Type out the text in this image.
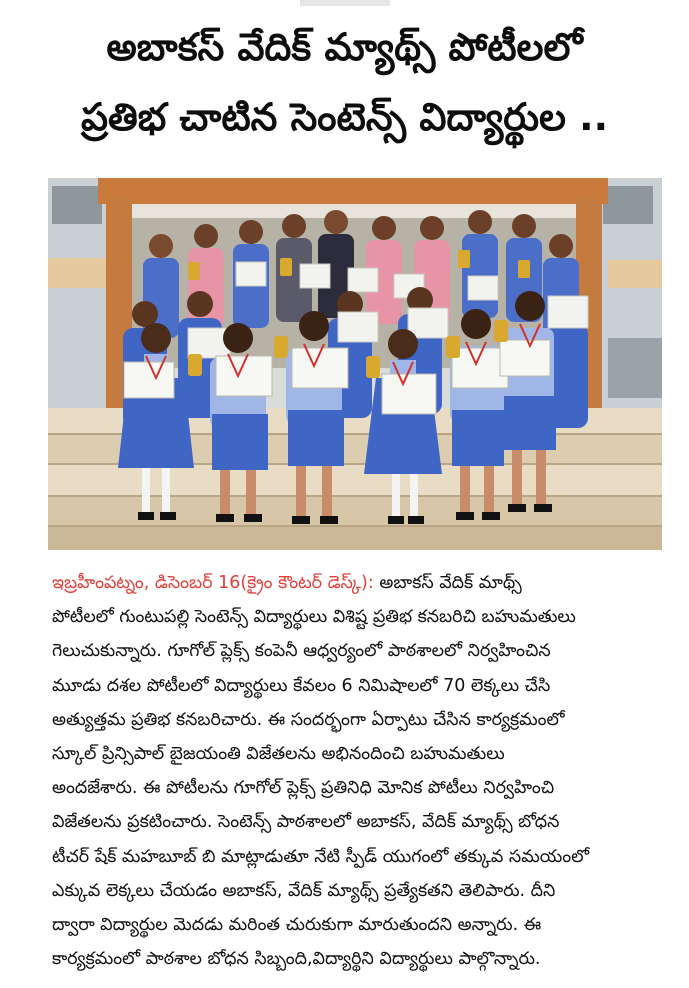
అబాకస్ వేదిక్ మ్యాథ్స్ పోటీలలో
ప్రతిభ చాటిన సెంటెన్స్ విద్యార్థుల ..
ఇబ్రహీంపట్నం, డిసెంబర్ 16(క్రైం కౌంటర్ డెస్క్): అబాకస్ వేదిక్ మాథ్స్
పోటీలలో గుంటుపల్లి సెంటెన్స్ విద్యార్థులు విశిష్ట ప్రతిభ కనబరిచి బహుమతులు
గెలుచుకున్నారు. గూగోల్ ప్లెక్స్ కంపెనీ ఆధ్వర్యంలో పాఠశాలలో నిర్వహించిన
మూడు దశల పోటీలలో విద్యార్థులు కేవలం 6 నిమిషాలలో 70 లెక్కలు చేసి
అత్యుత్తమ ప్రతిభ కనబరిచారు. ఈ సందర్భంగా ఏర్పాటు చేసిన కార్యక్రమంలో
స్కూల్ ప్రిన్సిపాల్ బైజయంతి విజేతలను అభినందించి బహుమతులు
అందజేశారు. ఈ పోటీలను గూగోల్ ప్లెక్స్ ప్రతినిధి మోనిక పోటీలు నిర్వహించి
విజేతలను ప్రకటించారు. సెంటెన్స్ పాఠశాలలో అబాకస్, వేదిక్ మ్యాథ్స్ బోధన
టీచర్ షేక్ మహబూబ్ బి మాట్లాడుతూ నేటి స్పీడ్ యుగంలో తక్కువ సమయంలో
ఎక్కువ లెక్కలు చేయడం అబాకస్, వేదిక్ మ్యాథ్స్ ప్రత్యేకతని తెలిపారు. దీని
ద్వారా విద్యార్థుల మెదడు మరింత చురుకుగా మారుతుందని అన్నారు. ఈ
కార్యక్రమంలో పాఠశాల బోధన సిబ్బంది,విద్యార్థిని విద్యార్థులు పాల్గొన్నారు.
